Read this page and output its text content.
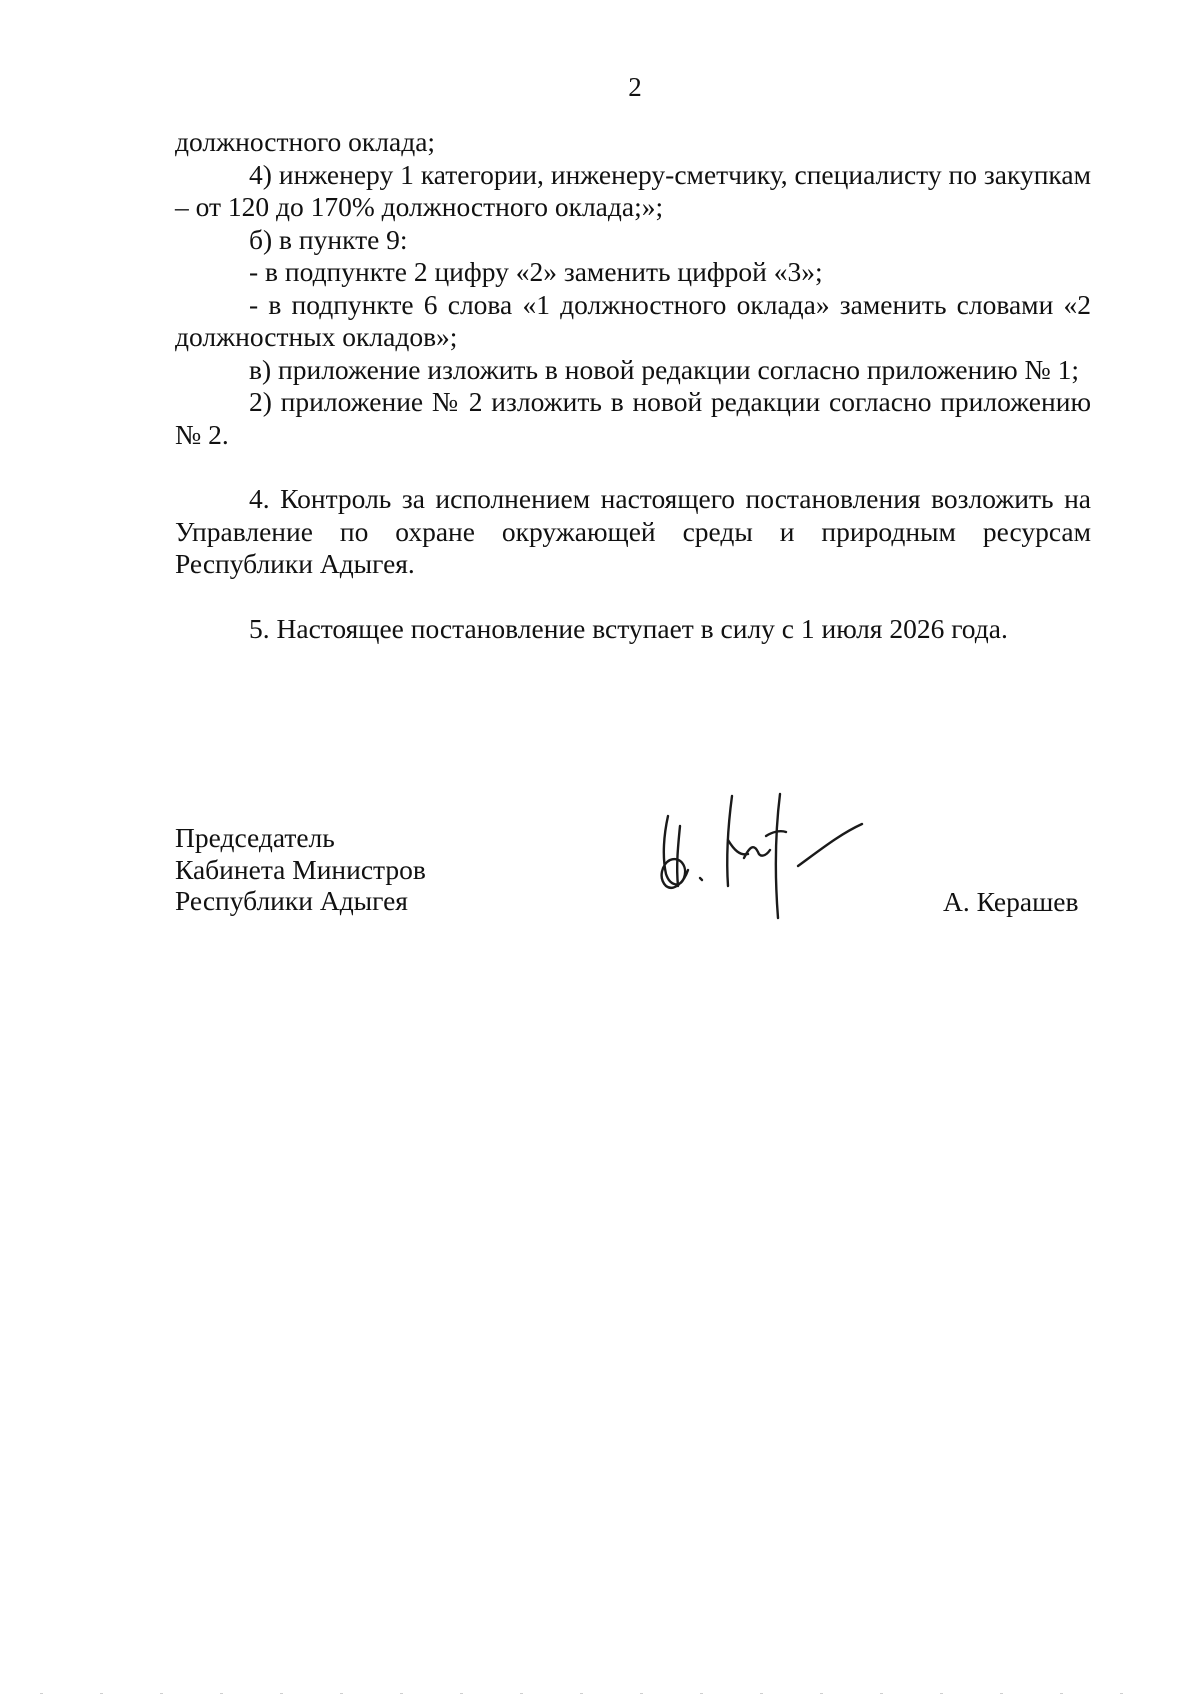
2

должностного оклада;

4) инженеру 1 категории, инженеру-сметчику, специалисту по закупкам – от 120 до 170% должностного оклада;»;

б) в пункте 9:

- в подпункте 2 цифру «2» заменить цифрой «3»;

- в подпункте 6 слова «1 должностного оклада» заменить словами «2 должностных окладов»;

в) приложение изложить в новой редакции согласно приложению № 1;

2) приложение № 2 изложить в новой редакции согласно приложению № 2.

4. Контроль за исполнением настоящего постановления возложить на Управление по охране окружающей среды и природным ресурсам Республики Адыгея.

5. Настоящее постановление вступает в силу с 1 июля 2026 года.

Председатель
Кабинета Министров
Республики Адыгея	А. Керашев
